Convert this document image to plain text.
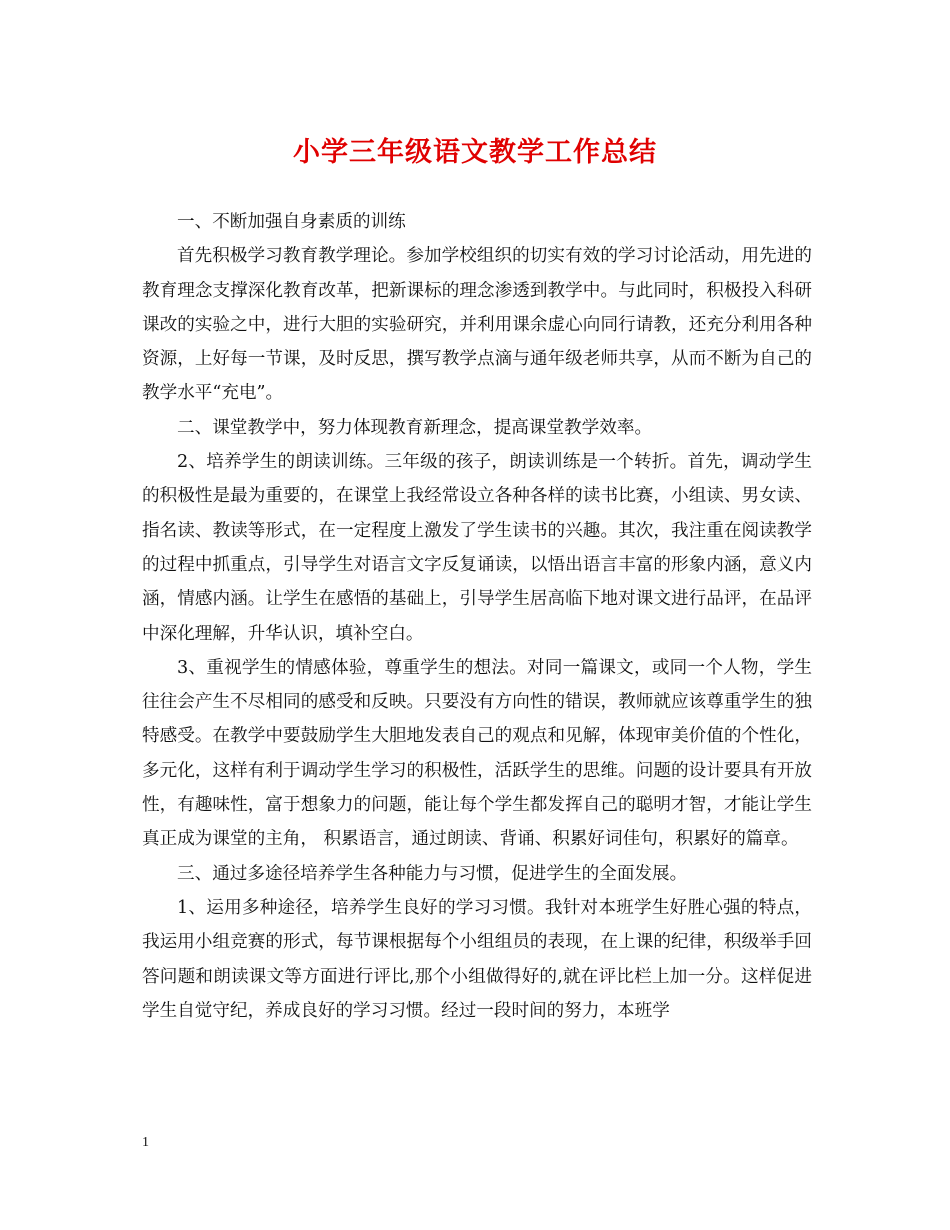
小学三年级语文教学工作总结

一、不断加强自身素质的训练

首先积极学习教育教学理论。参加学校组织的切实有效的学习讨论活动，用先进的教育理念支撑深化教育改革，把新课标的理念渗透到教学中。与此同时，积极投入科研课改的实验之中，进行大胆的实验研究，并利用课余虚心向同行请教，还充分利用各种资源，上好每一节课，及时反思，撰写教学点滴与通年级老师共享，从而不断为自己的教学水平“充电”。

二、课堂教学中，努力体现教育新理念，提高课堂教学效率。

2、培养学生的朗读训练。三年级的孩子，朗读训练是一个转折。首先，调动学生的积极性是最为重要的，在课堂上我经常设立各种各样的读书比赛，小组读、男女读、指名读、教读等形式，在一定程度上激发了学生读书的兴趣。其次，我注重在阅读教学的过程中抓重点，引导学生对语言文字反复诵读，以悟出语言丰富的形象内涵，意义内涵，情感内涵。让学生在感悟的基础上，引导学生居高临下地对课文进行品评，在品评中深化理解，升华认识，填补空白。

3、重视学生的情感体验，尊重学生的想法。对同一篇课文，或同一个人物，学生往往会产生不尽相同的感受和反映。只要没有方向性的错误，教师就应该尊重学生的独特感受。在教学中要鼓励学生大胆地发表自己的观点和见解，体现审美价值的个性化，多元化，这样有利于调动学生学习的积极性，活跃学生的思维。问题的设计要具有开放性，有趣味性，富于想象力的问题，能让每个学生都发挥自己的聪明才智，才能让学生真正成为课堂的主角， 积累语言，通过朗读、背诵、积累好词佳句，积累好的篇章。

三、通过多途径培养学生各种能力与习惯，促进学生的全面发展。

1、运用多种途径，培养学生良好的学习习惯。我针对本班学生好胜心强的特点，我运用小组竞赛的形式，每节课根据每个小组组员的表现，在上课的纪律，积级举手回答问题和朗读课文等方面进行评比,那个小组做得好的,就在评比栏上加一分。这样促进学生自觉守纪，养成良好的学习习惯。经过一段时间的努力，本班学

1
